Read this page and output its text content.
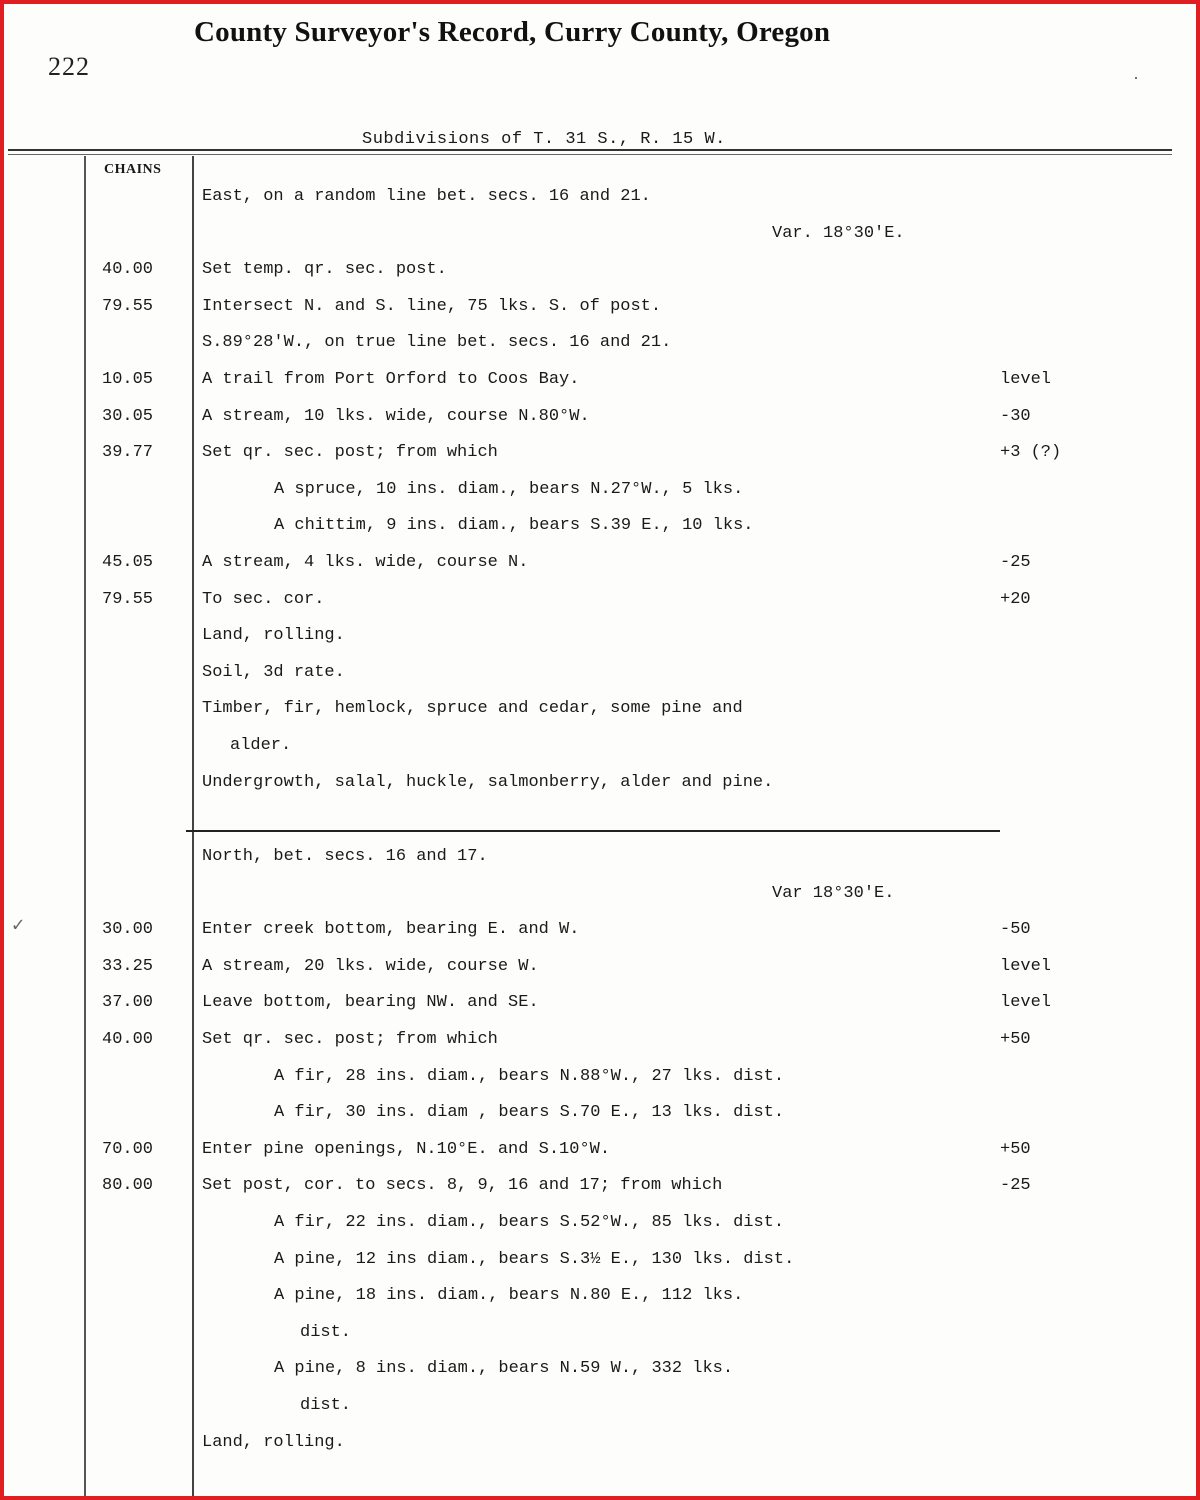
County Surveyor's Record, Curry County, Oregon
222
Subdivisions of T. 31 S., R. 15 W.
CHAINS
East, on a random line bet. secs. 16 and 21.
Var. 18°30'E.
40.00	Set temp. qr. sec. post.
79.55	Intersect N. and S. line, 75 lks. S. of post.
S.89°28'W., on true line bet. secs. 16 and 21.
10.05	A trail from Port Orford to Coos Bay.	level
30.05	A stream, 10 lks. wide, course N.80°W.	-30
39.77	Set qr. sec. post; from which	+3 (?)
A spruce, 10 ins. diam., bears N.27°W., 5 lks.
A chittim, 9 ins. diam., bears S.39 E., 10 lks.
45.05	A stream, 4 lks. wide, course N.	-25
79.55	To sec. cor.	+20
Land, rolling.
Soil, 3d rate.
Timber, fir, hemlock, spruce and cedar, some pine and
alder.
Undergrowth, salal, huckle, salmonberry, alder and pine.
North, bet. secs. 16 and 17.
Var 18°30'E.
30.00	Enter creek bottom, bearing E. and W.	-50
33.25	A stream, 20 lks. wide, course W.	level
37.00	Leave bottom, bearing NW. and SE.	level
40.00	Set qr. sec. post; from which	+50
A fir, 28 ins. diam., bears N.88°W., 27 lks. dist.
A fir, 30 ins. diam , bears S.70 E., 13 lks. dist.
70.00	Enter pine openings, N.10°E. and S.10°W.	+50
80.00	Set post, cor. to secs. 8, 9, 16 and 17; from which	-25
A fir, 22 ins. diam., bears S.52°W., 85 lks. dist.
A pine, 12 ins diam., bears S.3½ E., 130 lks. dist.
A pine, 18 ins. diam., bears N.80 E., 112 lks.
dist.
A pine, 8 ins. diam., bears N.59 W., 332 lks.
dist.
Land, rolling.
˙
✓
